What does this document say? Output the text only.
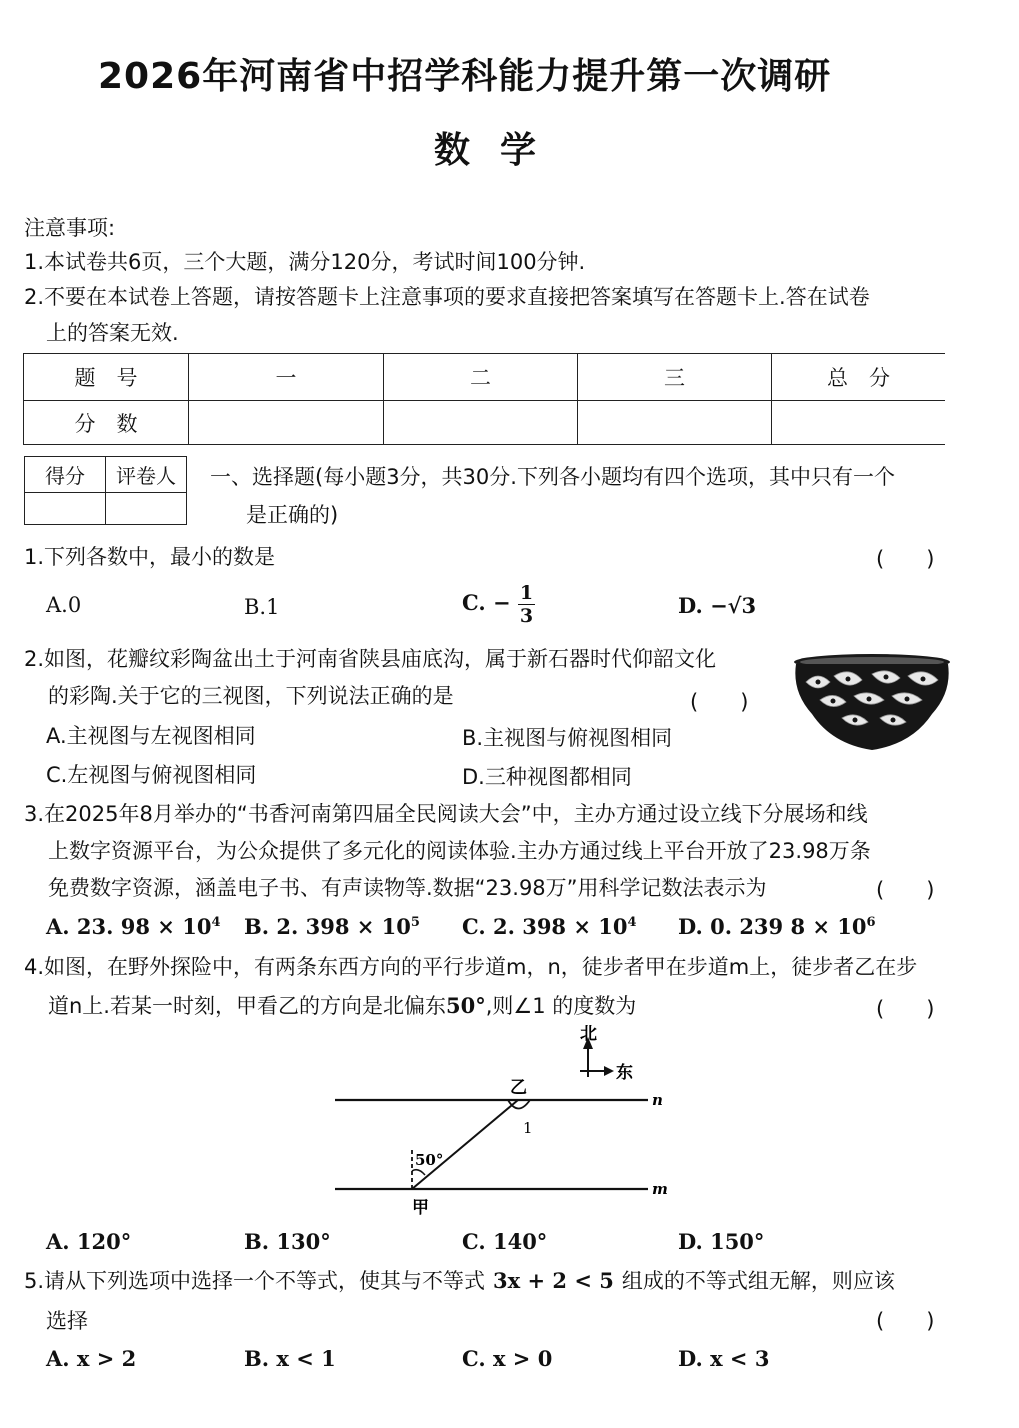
2026年河南省中招学科能力提升第一次调研
数学
注意事项:
1.本试卷共6页，三个大题，满分120分，考试时间100分钟.
2.不要在本试卷上答题，请按答题卡上注意事项的要求直接把答案填写在答题卡上.答在试卷
上的答案无效.
题　号	一	二	三	总　分
分　数				
得分	评卷人
	一、选择题(每小题3分，共30分.下列各小题均有四个选项，其中只有一个
是正确的)
1.下列各数中，最小的数是	(　　)
A.0	B.1	C. − $\frac{1}{3}$	D. −√3
2.如图，花瓣纹彩陶盆出土于河南省陕县庙底沟，属于新石器时代仰韶文化
的彩陶.关于它的三视图，下列说法正确的是	(　　)
A.主视图与左视图相同	B.主视图与俯视图相同
C.左视图与俯视图相同	D.三种视图都相同
3.在2025年8月举办的“书香河南第四届全民阅读大会”中，主办方通过设立线下分展场和线
上数字资源平台，为公众提供了多元化的阅读体验.主办方通过线上平台开放了23.98万条
免费数字资源，涵盖电子书、有声读物等.数据“23.98万”用科学记数法表示为	(　　)
A. 23. $98 \times 10^4$ B. 2. $398 \times 10^5$ C. 2. $398 \times 10^4$ D. 0. 239 $8 \times 10^6$
4.如图，在野外探险中，有两条东西方向的平行步道m，n，徒步者甲在步道m上，徒步者乙在步
道n上.若某一时刻，甲看乙的方向是北偏东50°,则∠1 的度数为	(　　)
北
东
n
m
50°
1
乙
甲
A. 120°	B. 130°	C. 140°	D. 150°
5.请从下列选项中选择一个不等式，使其与不等式 3x + 2 < 5 组成的不等式组无解，则应该
选择	(　　)
A. x > 2	B. x < 1	C. x > 0	D. x < 3
